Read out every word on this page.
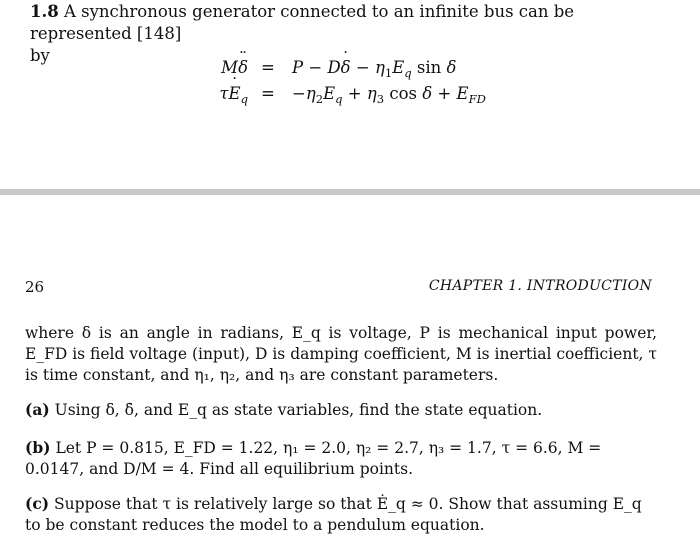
1.8 A synchronous generator connected to an infinite bus can be represented [148]
by
M¨ δ = P − D˙ $\delta - \eta_1E_q$ sin δ
τ˙ $E_q = -\eta_2E_q + \eta_3$ $\cos \delta + E_{FD}$
26	CHAPTER 1. INTRODUCTION
where δ is an angle in radians, E_q is voltage, P is mechanical input power, E_FD is field voltage (input), D is damping coefficient, M is inertial coefficient, τ is time constant, and η₁, η₂, and η₃ are constant parameters.
(a) Using δ, δ̇, and E_q as state variables, find the state equation.
(b) Let P = 0.815, E_FD = 1.22, η₁ = 2.0, η₂ = 2.7, η₃ = 1.7, τ = 6.6, M = 0.0147, and D/M = 4. Find all equilibrium points.
(c) Suppose that τ is relatively large so that Ė_q ≈ 0. Show that assuming E_q to be constant reduces the model to a pendulum equation.
